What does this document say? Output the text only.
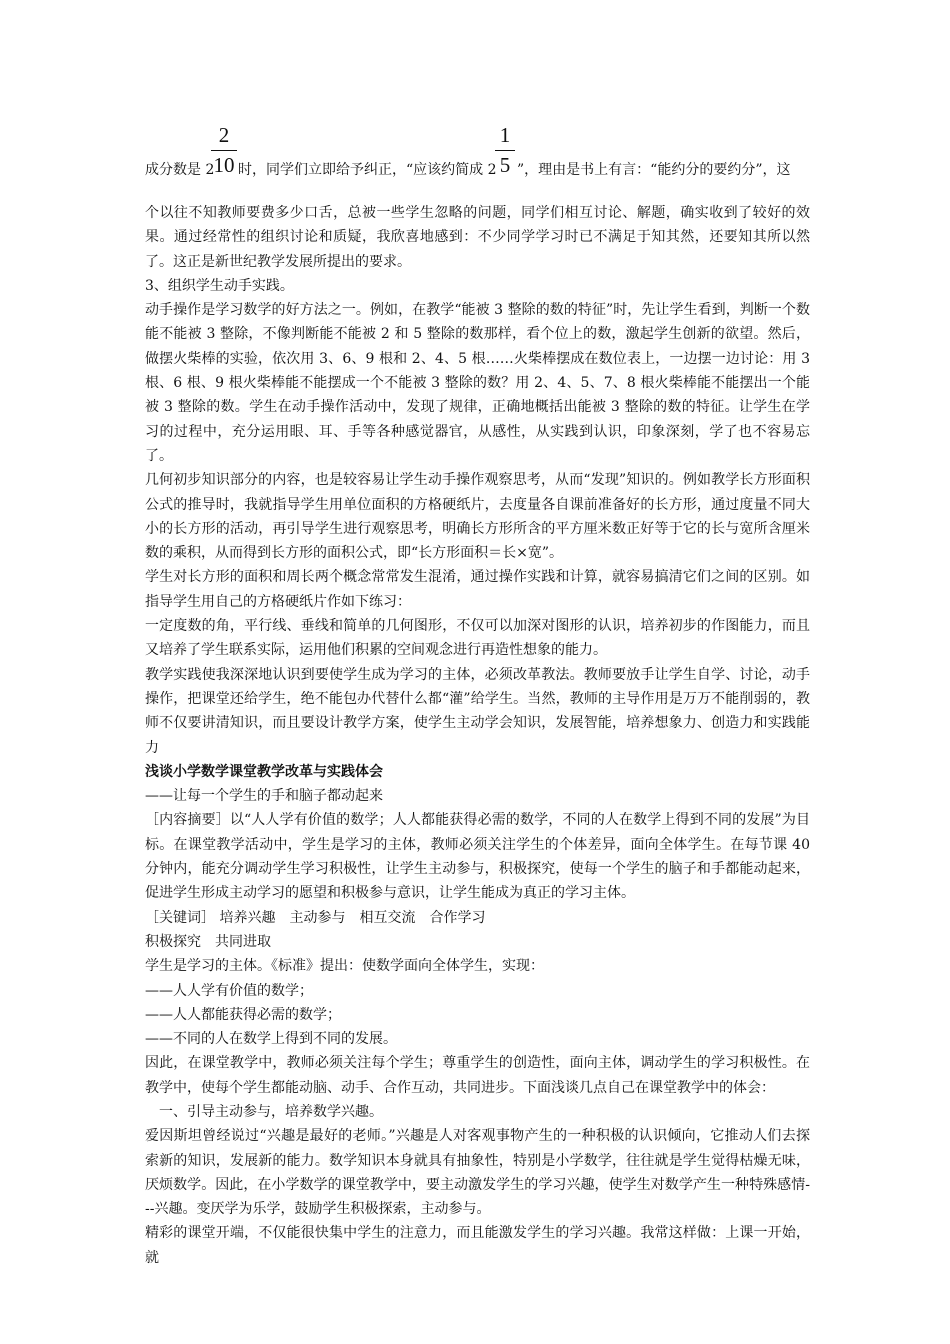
成分数是 2
2
10 时，同学们立即给予纠正，“应该约简成 2
1
5 ”，理由是书上有言：“能约分的要约分”，这

个以往不知教师要费多少口舌，总被一些学生忽略的问题，同学们相互讨论、解题，确实收到了较好的效果。通过经常性的组织讨论和质疑，我欣喜地感到：不少同学学习时已不满足于知其然，还要知其所以然了。这正是新世纪教学发展所提出的要求。

3、组织学生动手实践。

动手操作是学习数学的好方法之一。例如，在教学“能被 3 整除的数的特征”时，先让学生看到，判断一个数能不能被 3 整除，不像判断能不能被 2 和 5 整除的数那样，看个位上的数，激起学生创新的欲望。然后，做摆火柴棒的实验，依次用 3、6、9 根和 2、4、5 根……火柴棒摆成在数位表上，一边摆一边讨论：用 3 根、6 根、9 根火柴棒能不能摆成一个不能被 3 整除的数？用 2、4、5、7、8 根火柴棒能不能摆出一个能被 3 整除的数。学生在动手操作活动中，发现了规律，正确地概括出能被 3 整除的数的特征。让学生在学习的过程中，充分运用眼、耳、手等各种感觉器官，从感性，从实践到认识，印象深刻，学了也不容易忘了。

几何初步知识部分的内容，也是较容易让学生动手操作观察思考，从而“发现”知识的。例如教学长方形面积公式的推导时，我就指导学生用单位面积的方格硬纸片，去度量各自课前准备好的长方形，通过度量不同大小的长方形的活动，再引导学生进行观察思考，明确长方形所含的平方厘米数正好等于它的长与宽所含厘米数的乘积，从而得到长方形的面积公式，即“长方形面积＝长×宽”。

学生对长方形的面积和周长两个概念常常发生混淆，通过操作实践和计算，就容易搞清它们之间的区别。如指导学生用自己的方格硬纸片作如下练习：

一定度数的角，平行线、垂线和简单的几何图形，不仅可以加深对图形的认识，培养初步的作图能力，而且又培养了学生联系实际，运用他们积累的空间观念进行再造性想象的能力。

教学实践使我深深地认识到要使学生成为学习的主体，必须改革教法。教师要放手让学生自学、讨论，动手操作，把课堂还给学生，绝不能包办代替什么都“灌”给学生。当然，教师的主导作用是万万不能削弱的，教师不仅要讲清知识，而且要设计教学方案，使学生主动学会知识，发展智能，培养想象力、创造力和实践能力

浅谈小学数学课堂教学改革与实践体会

——让每一个学生的手和脑子都动起来

［内容摘要］以“人人学有价值的数学；人人都能获得必需的数学，不同的人在数学上得到不同的发展”为目标。在课堂教学活动中，学生是学习的主体，教师必须关注学生的个体差异，面向全体学生。在每节课 40 分钟内，能充分调动学生学习积极性，让学生主动参与，积极探究，使每一个学生的脑子和手都能动起来，促进学生形成主动学习的愿望和积极参与意识，让学生能成为真正的学习主体。

［关键词］ 培养兴趣　主动参与　相互交流　合作学习

积极探究　共同进取

学生是学习的主体。《标准》提出：使数学面向全体学生，实现：

——人人学有价值的数学；

——人人都能获得必需的数学；

——不同的人在数学上得到不同的发展。

因此，在课堂教学中，教师必须关注每个学生；尊重学生的创造性，面向主体，调动学生的学习积极性。在教学中，使每个学生都能动脑、动手、合作互动，共同进步。下面浅谈几点自己在课堂教学中的体会：

一、引导主动参与，培养数学兴趣。

爱因斯坦曾经说过“兴趣是最好的老师。”兴趣是人对客观事物产生的一种积极的认识倾向，它推动人们去探索新的知识，发展新的能力。数学知识本身就具有抽象性，特别是小学数学，往往就是学生觉得枯燥无味，厌烦数学。因此，在小学数学的课堂教学中，要主动激发学生的学习兴趣，使学生对数学产生一种特殊感情---兴趣。变厌学为乐学，鼓励学生积极探索，主动参与。

精彩的课堂开端，不仅能很快集中学生的注意力，而且能激发学生的学习兴趣。我常这样做：上课一开始，就
